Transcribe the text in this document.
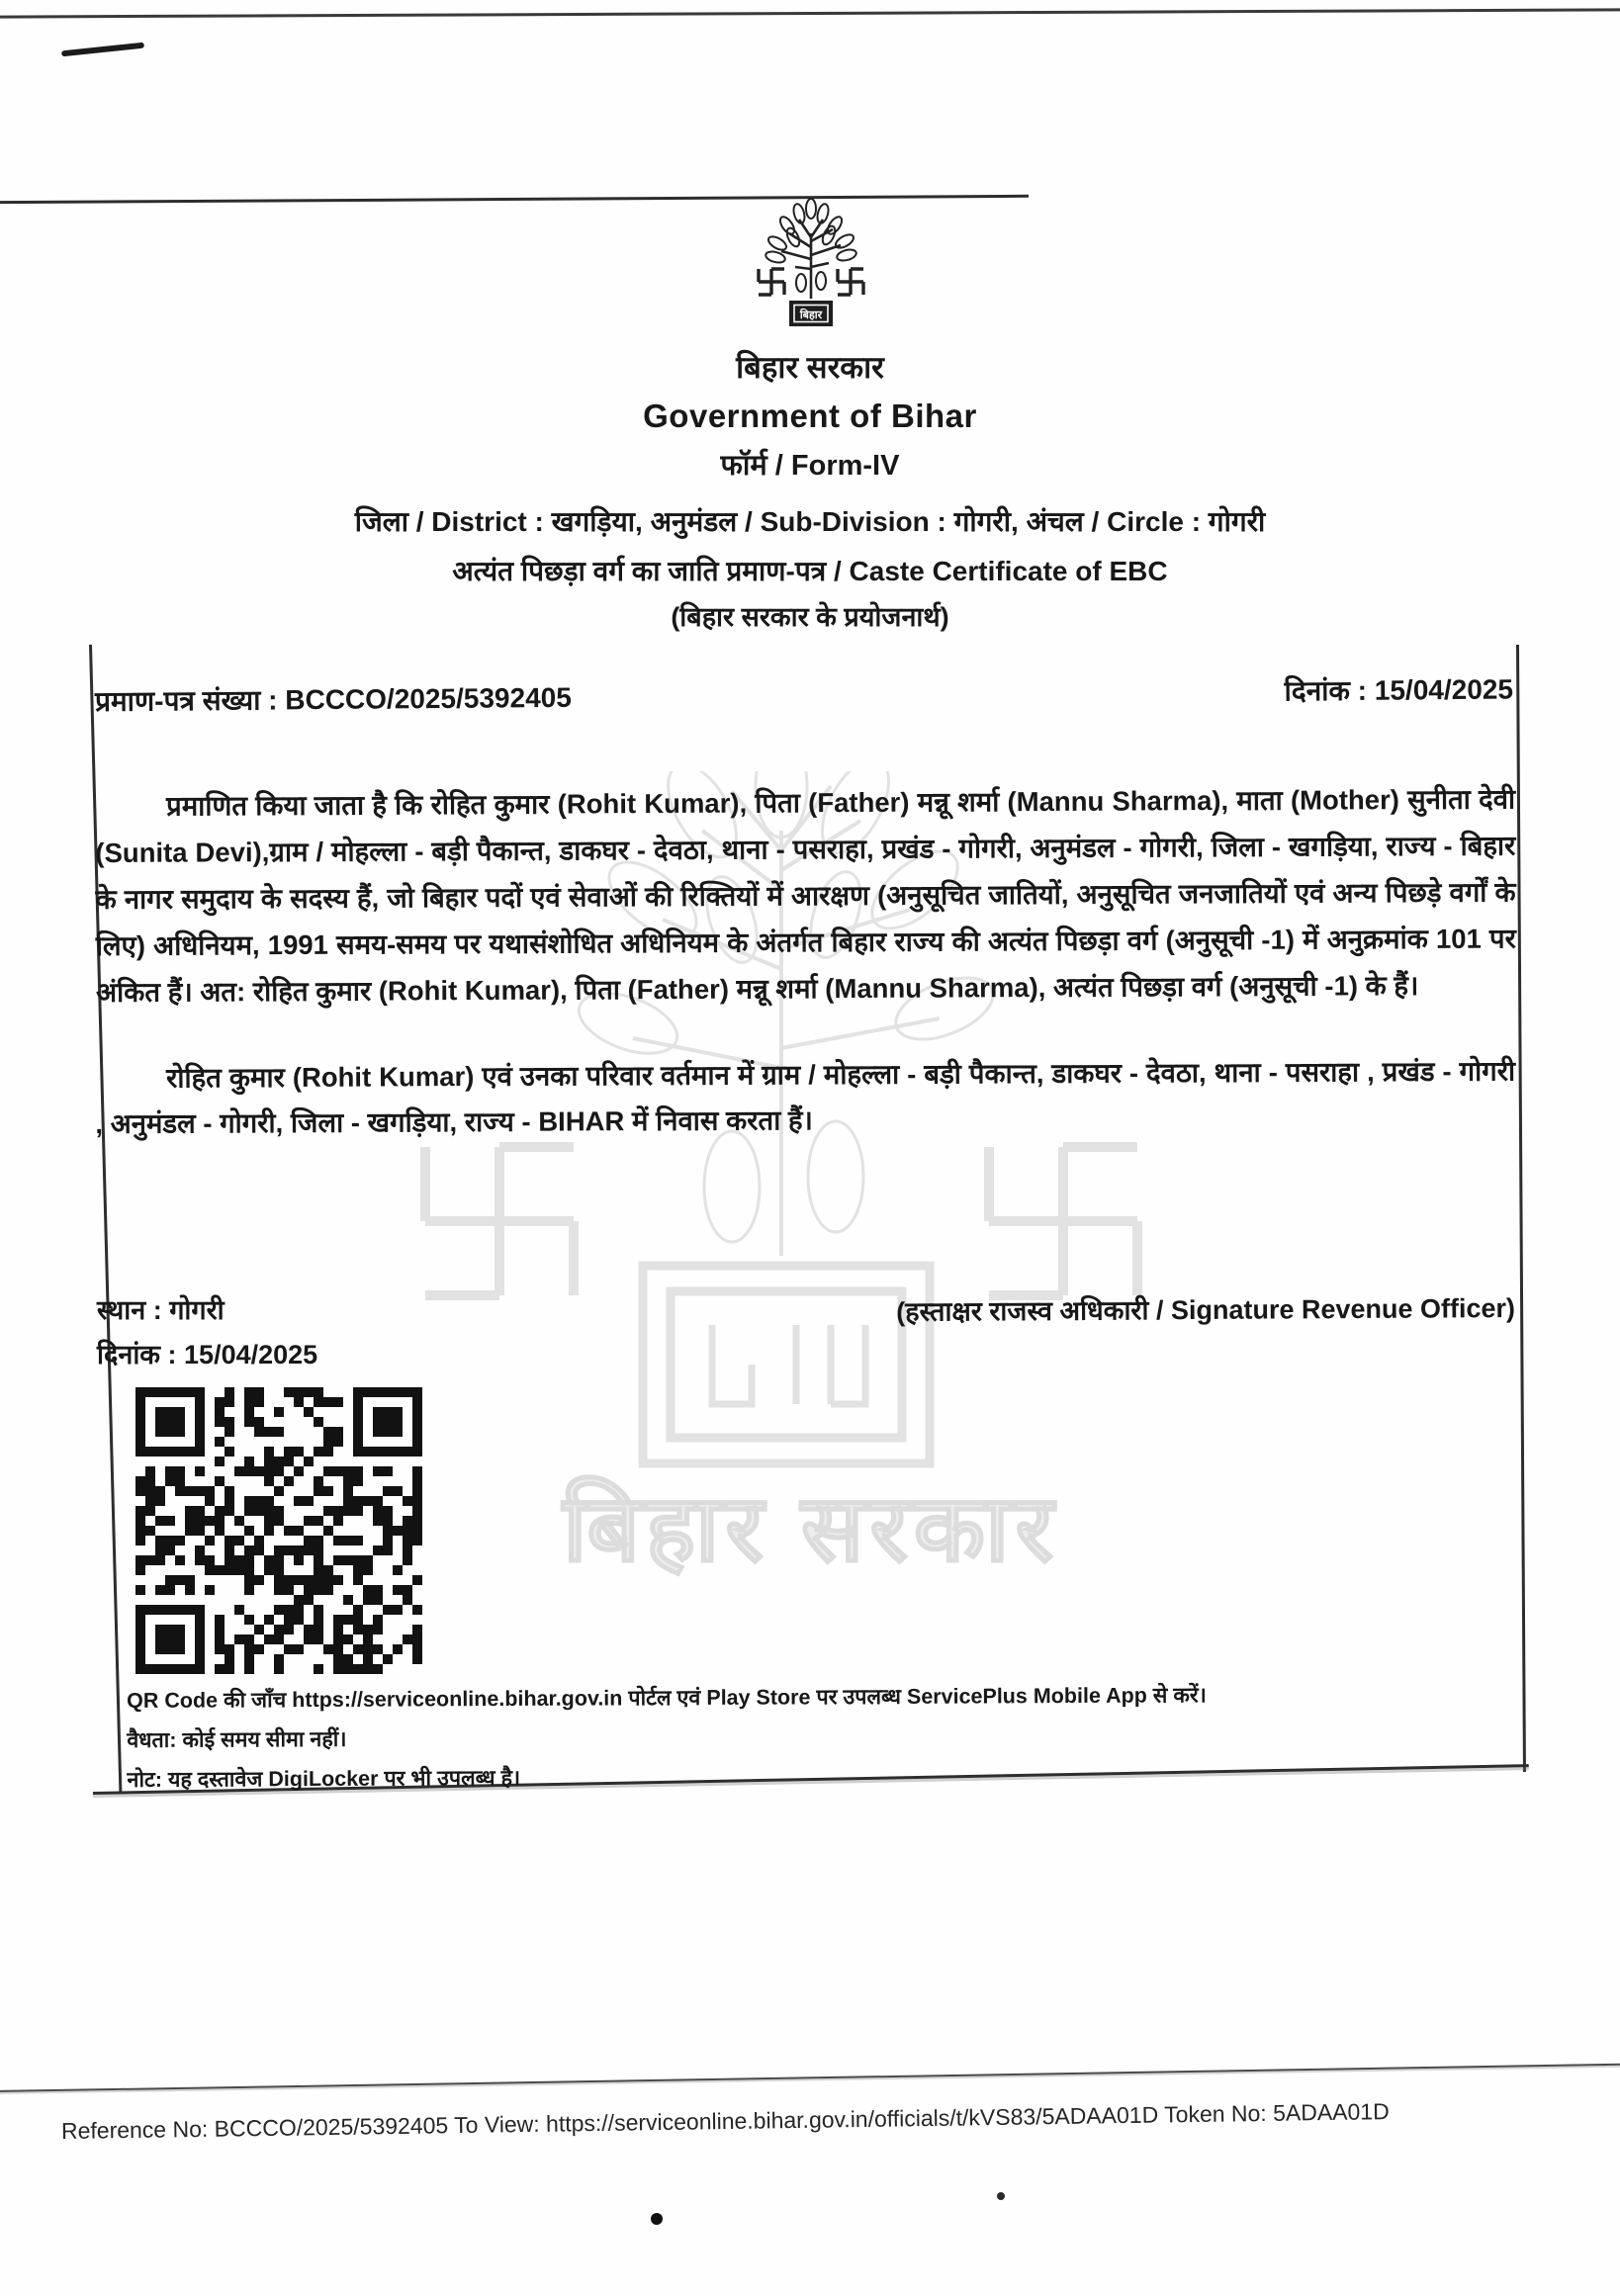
बिहार सरकार
बिहार
बिहार सरकार
Government of Bihar
फॉर्म / Form-IV
जिला / District : खगड़िया, अनुमंडल / Sub-Division : गोगरी, अंचल / Circle : गोगरी
अत्यंत पिछड़ा वर्ग का जाति प्रमाण-पत्र / Caste Certificate of EBC
(बिहार सरकार के प्रयोजनार्थ)
प्रमाण-पत्र संख्या : BCCCO/2025/5392405	दिनांक : 15/04/2025
प्रमाणित किया जाता है कि रोहित कुमार (Rohit Kumar), पिता (Father) मन्नू शर्मा (Mannu Sharma), माता (Mother) सुनीता देवी (Sunita Devi),ग्राम / मोहल्ला - बड़ी पैकान्त, डाकघर - देवठा, थाना - पसराहा, प्रखंड - गोगरी, अनुमंडल - गोगरी, जिला - खगड़िया, राज्य - बिहार के नागर समुदाय के सदस्य हैं, जो बिहार पदों एवं सेवाओं की रिक्तियों में आरक्षण (अनुसूचित जातियों, अनुसूचित जनजातियों एवं अन्य पिछड़े वर्गों के लिए) अधिनियम, 1991 समय-समय पर यथासंशोधित अधिनियम के अंतर्गत बिहार राज्य की अत्यंत पिछड़ा वर्ग (अनुसूची -1) में अनुक्रमांक 101 पर अंकित हैं। अत: रोहित कुमार (Rohit Kumar), पिता (Father) मन्नू शर्मा (Mannu Sharma), अत्यंत पिछड़ा वर्ग (अनुसूची -1) के हैं।
रोहित कुमार (Rohit Kumar) एवं उनका परिवार वर्तमान में ग्राम / मोहल्ला - बड़ी पैकान्त, डाकघर - देवठा, थाना - पसराहा , प्रखंड - गोगरी , अनुमंडल - गोगरी, जिला - खगड़िया, राज्य - BIHAR में निवास करता हैं।
स्थान : गोगरी
दिनांक : 15/04/2025
(हस्ताक्षर राजस्व अधिकारी / Signature Revenue Officer)
QR Code की जाँच https://serviceonline.bihar.gov.in पोर्टल एवं Play Store पर उपलब्ध ServicePlus Mobile App से करें।
वैधता: कोई समय सीमा नहीं।
नोट: यह दस्तावेज DigiLocker पर भी उपलब्ध है।
Reference No: BCCCO/2025/5392405 To View: https://serviceonline.bihar.gov.in/officials/t/kVS83/5ADAA01D Token No: 5ADAA01D
